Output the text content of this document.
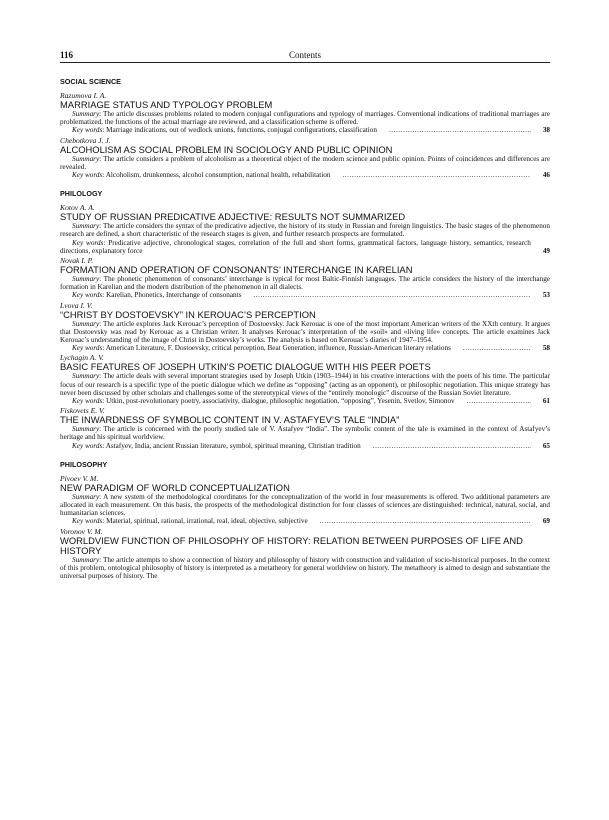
116	Contents
SOCIAL SCIENCE
Razumova I. A.
MARRIAGE STATUS AND TYPOLOGY PROBLEM
Summary: The article discusses problems related to modern conjugal configurations and typology of marriages. Conventional indications of traditional marriages are problematized, the functions of the actual marriage are reviewed, and a classification scheme is offered.
Key words: Marriage indications, out of wedlock unions, functions, conjugal configurations, classification .....	38
Chebotkova J. J.
ALCOHOLISM AS SOCIAL PROBLEM IN SOCIOLOGY AND PUBLIC OPINION
Summary: The article considers a problem of alcoholism as a theoretical object of the modern science and public opinion. Points of coincidences and differences are revealed.
Key words: Alcoholism, drunkenness, alcohol consumption, national health, rehabilitation .....	46
PHILOLOGY
Kotov A. A.
STUDY OF RUSSIAN PREDICATIVE ADJECTIVE: RESULTS NOT SUMMARIZED
Summary: The article considers the syntax of the predicative adjective, the history of its study in Russian and foreign linguistics. The basic stages of the phenomenon research are defined, a short characteristic of the research stages is given, and further research prospects are formulated.
Key words: Predicative adjective, chronological stages, correlation of the full and short forms, grammatical factors, language history, semantics, research directions, explanatory force	49
Novak I. P.
FORMATION AND OPERATION OF CONSONANTS’ INTERCHANGE IN KARELIAN
Summary: The phonetic phenomenon of consonants’ interchange is typical for most Baltic-Finnish languages. The article considers the history of the interchange formation in Karelian and the modern distribution of the phenomenon in all dialects.
Key words: Karelian, Phonetics, Interchange of consonants .....	53
Lvova I. V.
“CHRIST BY DOSTOEVSKY” IN KEROUAC’S PERCEPTION
Summary: The article explores Jack Kerouac’s perception of Dostoevsky. Jack Kerouac is one of the most important American writers of the XXth century. It argues that Dostoevsky was read by Kerouac as a Christian writer. It analyses Kerouac’s interpretation of the «soil» and «living life» concepts. The article examines Jack Kerouac’s understanding of the image of Christ in Dostoevsky’s works. The analysis is based on Kerouac’s diaries of 1947–1954.
Key words: American Literature, F. Dostoevsky, critical perception, Beat Generation, influence, Russian-American literary relations .....	58
Lychagin A. V.
BASIC FEATURES OF JOSEPH UTKIN’S POETIC DIALOGUE WITH HIS PEER POETS
Summary: The article deals with several important strategies used by Joseph Utkin (1903–1944) in his creative interactions with the poets of his time. The particular focus of our research is a specific type of the poetic dialogue which we define as “opposing” (acting as an opponent), or philosophic negotiation. This unique strategy has never been discussed by other scholars and challenges some of the stereotypical views of the “entirely monologic” discourse of the Russian Soviet literature.
Key words: Utkin, post-revolutionary poetry, associativity, dialogue, philosophic negotiation, “opposing”, Yesenin, Svetlov, Simonov .....	61
Fiskovets E. V.
THE INWARDNESS OF SYMBOLIC CONTENT IN V. ASTAFYEV’S TALE “INDIA”
Summary: The article is concerned with the poorly studied tale of V. Astafyev “India”. The symbolic content of the tale is examined in the context of Astafyev’s heritage and his spiritual worldview.
Key words: Astafyev, India, ancient Russian literature, symbol, spiritual meaning, Christian tradition .....	65
PHILOSOPHY
Pivoev V. M.
NEW PARADIGM OF WORLD CONCEPTUALIZATION
Summary: A new system of the methodological coordinates for the conceptualization of the world in four measurements is offered. Two additional parameters are allocated in each measurement. On this basis, the prospects of the methodological distinction for four classes of sciences are distinguished: technical, natural, social, and humanitarian sciences.
Key words: Material, spiritual, rational, irrational, real, ideal, objective, subjective .....	69
Voronov V. M.
WORLDVIEW FUNCTION OF PHILOSOPHY OF HISTORY: RELATION BETWEEN PURPOSES OF LIFE AND HISTORY
Summary: The article attempts to show a connection of history and philosophy of history with construction and validation of socio-historical purposes. In the context of this problem, ontological philosophy of history is interpreted as a metatheory for general worldview on history. The metatheory is aimed to design and substantiate the universal purposes of history. The
